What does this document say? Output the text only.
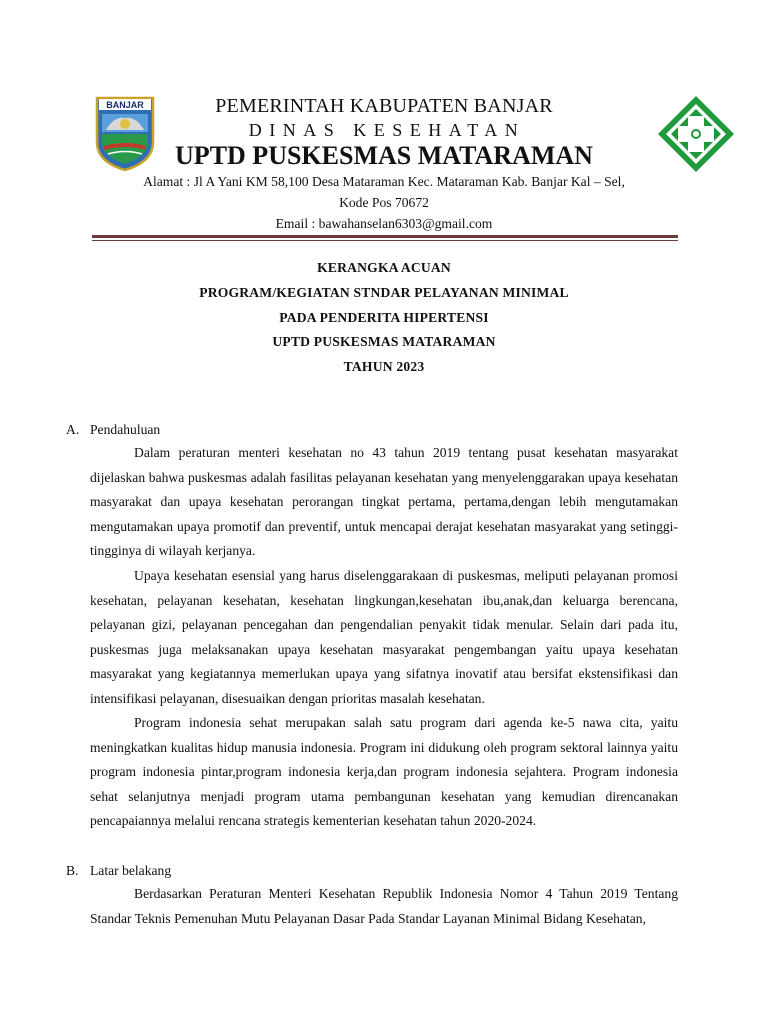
BANJAR	PEMERINTAH KABUPATEN BANJAR
DINAS KESEHATAN
UPTD PUSKESMAS MATARAMAN
Alamat : Jl A Yani KM 58,100 Desa Mataraman Kec. Mataraman Kab. Banjar Kal – Sel,
Kode Pos 70672
Email : bawahanselan6303@gmail.com
KERANGKA ACUAN
PROGRAM/KEGIATAN STNDAR PELAYANAN MINIMAL
PADA PENDERITA HIPERTENSI
UPTD PUSKESMAS MATARAMAN
TAHUN 2023
A. Pendahuluan

Dalam peraturan menteri kesehatan no 43 tahun 2019 tentang pusat kesehatan masyarakat dijelaskan bahwa puskesmas adalah fasilitas pelayanan kesehatan yang menyelenggarakan upaya kesehatan masyarakat dan upaya kesehatan perorangan tingkat pertama, pertama,dengan lebih mengutamakan mengutamakan upaya promotif dan preventif, untuk mencapai derajat kesehatan masyarakat yang setinggi-tingginya di wilayah kerjanya.

Upaya kesehatan esensial yang harus diselenggarakaan di puskesmas, meliputi pelayanan promosi kesehatan, pelayanan kesehatan, kesehatan lingkungan,kesehatan ibu,anak,dan keluarga berencana, pelayanan gizi, pelayanan pencegahan dan pengendalian penyakit tidak menular. Selain dari pada itu, puskesmas juga melaksanakan upaya kesehatan masyarakat pengembangan yaitu upaya kesehatan masyarakat yang kegiatannya memerlukan upaya yang sifatnya inovatif atau bersifat ekstensifikasi dan intensifikasi pelayanan, disesuaikan dengan prioritas masalah kesehatan.

Program indonesia sehat merupakan salah satu program dari agenda ke-5 nawa cita, yaitu meningkatkan kualitas hidup manusia indonesia. Program ini didukung oleh program sektoral lainnya yaitu program indonesia pintar,program indonesia kerja,dan program indonesia sejahtera. Program indonesia sehat selanjutnya menjadi program utama pembangunan kesehatan yang kemudian direncanakan pencapaiannya melalui rencana strategis kementerian kesehatan tahun 2020-2024.

B. Latar belakang

Berdasarkan Peraturan Menteri Kesehatan Republik Indonesia Nomor 4 Tahun 2019 Tentang Standar Teknis Pemenuhan Mutu Pelayanan Dasar Pada Standar Layanan Minimal Bidang Kesehatan,
